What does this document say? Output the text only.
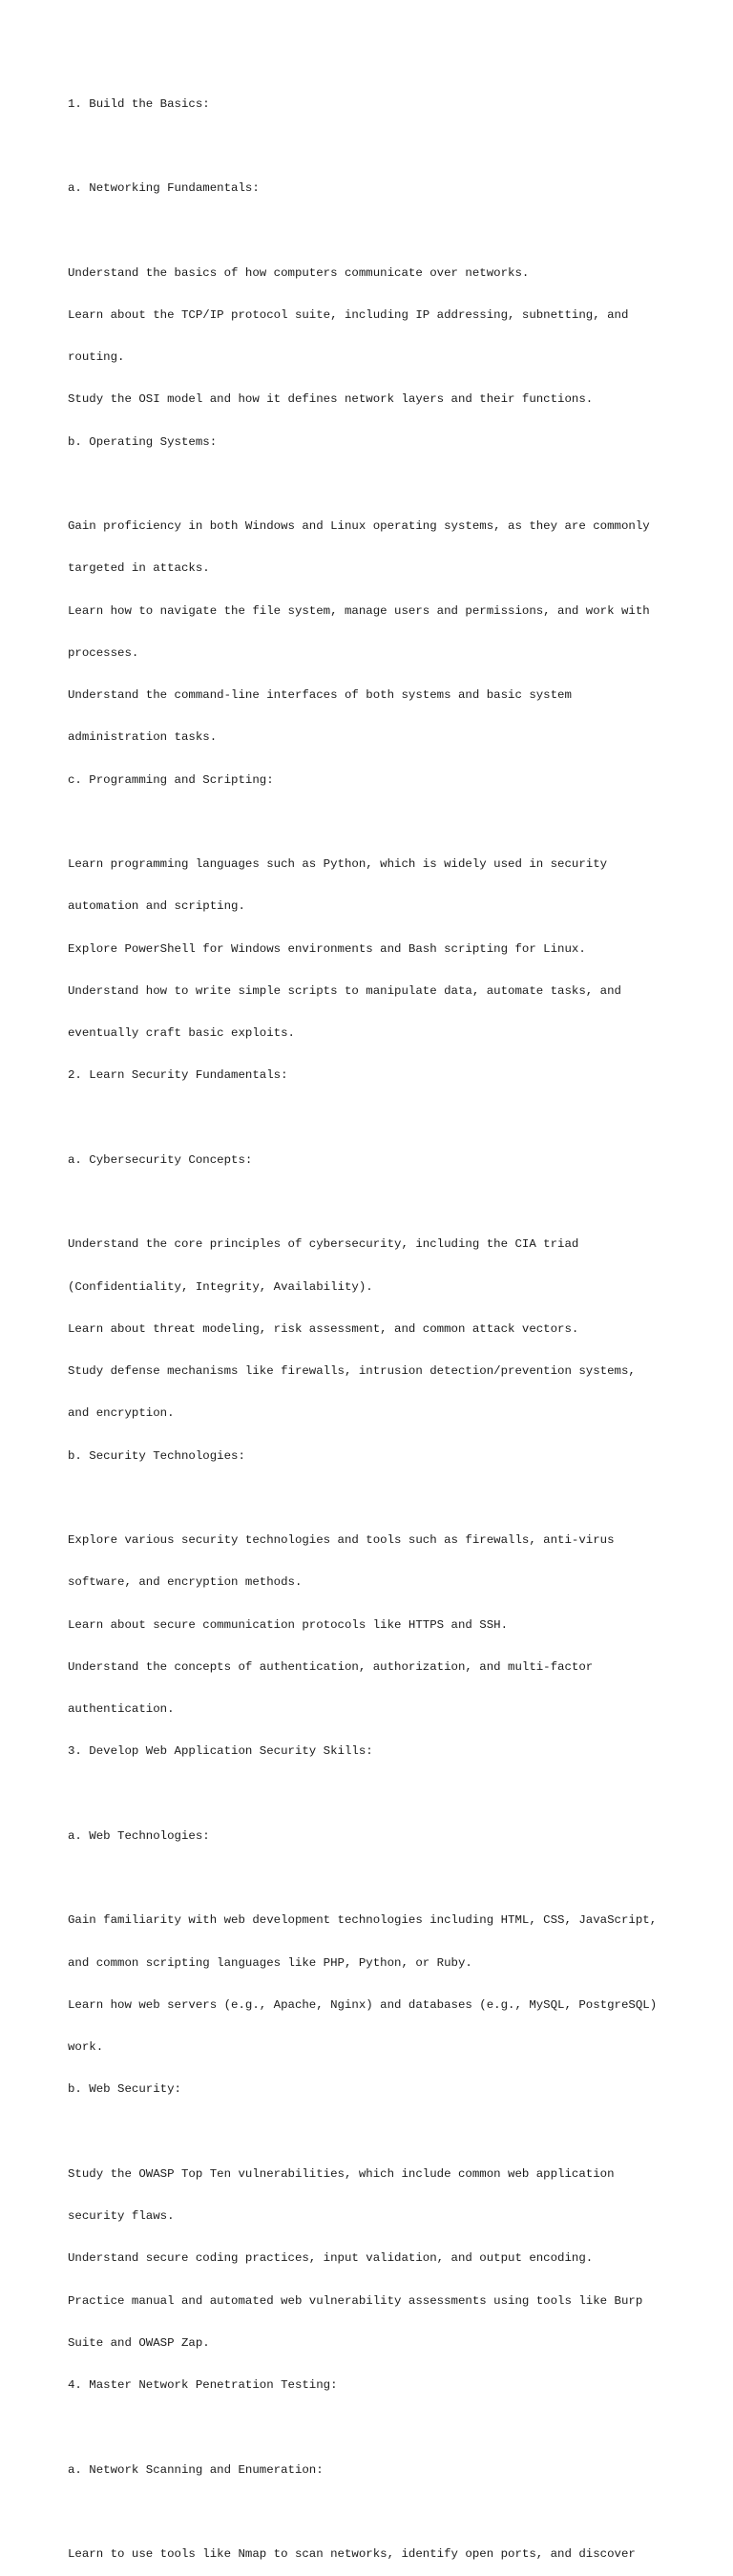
1. Build the Basics:

a. Networking Fundamentals:

Understand the basics of how computers communicate over networks.

Learn about the TCP/IP protocol suite, including IP addressing, subnetting, and

routing.

Study the OSI model and how it defines network layers and their functions.

b. Operating Systems:

Gain proficiency in both Windows and Linux operating systems, as they are commonly

targeted in attacks.

Learn how to navigate the file system, manage users and permissions, and work with

processes.

Understand the command-line interfaces of both systems and basic system

administration tasks.

c. Programming and Scripting:

Learn programming languages such as Python, which is widely used in security

automation and scripting.

Explore PowerShell for Windows environments and Bash scripting for Linux.

Understand how to write simple scripts to manipulate data, automate tasks, and

eventually craft basic exploits.

2. Learn Security Fundamentals:

a. Cybersecurity Concepts:

Understand the core principles of cybersecurity, including the CIA triad

(Confidentiality, Integrity, Availability).

Learn about threat modeling, risk assessment, and common attack vectors.

Study defense mechanisms like firewalls, intrusion detection/prevention systems,

and encryption.

b. Security Technologies:

Explore various security technologies and tools such as firewalls, anti-virus

software, and encryption methods.

Learn about secure communication protocols like HTTPS and SSH.

Understand the concepts of authentication, authorization, and multi-factor

authentication.

3. Develop Web Application Security Skills:

a. Web Technologies:

Gain familiarity with web development technologies including HTML, CSS, JavaScript,

and common scripting languages like PHP, Python, or Ruby.

Learn how web servers (e.g., Apache, Nginx) and databases (e.g., MySQL, PostgreSQL)

work.

b. Web Security:

Study the OWASP Top Ten vulnerabilities, which include common web application

security flaws.

Understand secure coding practices, input validation, and output encoding.

Practice manual and automated web vulnerability assessments using tools like Burp

Suite and OWASP Zap.

4. Master Network Penetration Testing:

a. Network Scanning and Enumeration:

Learn to use tools like Nmap to scan networks, identify open ports, and discover
